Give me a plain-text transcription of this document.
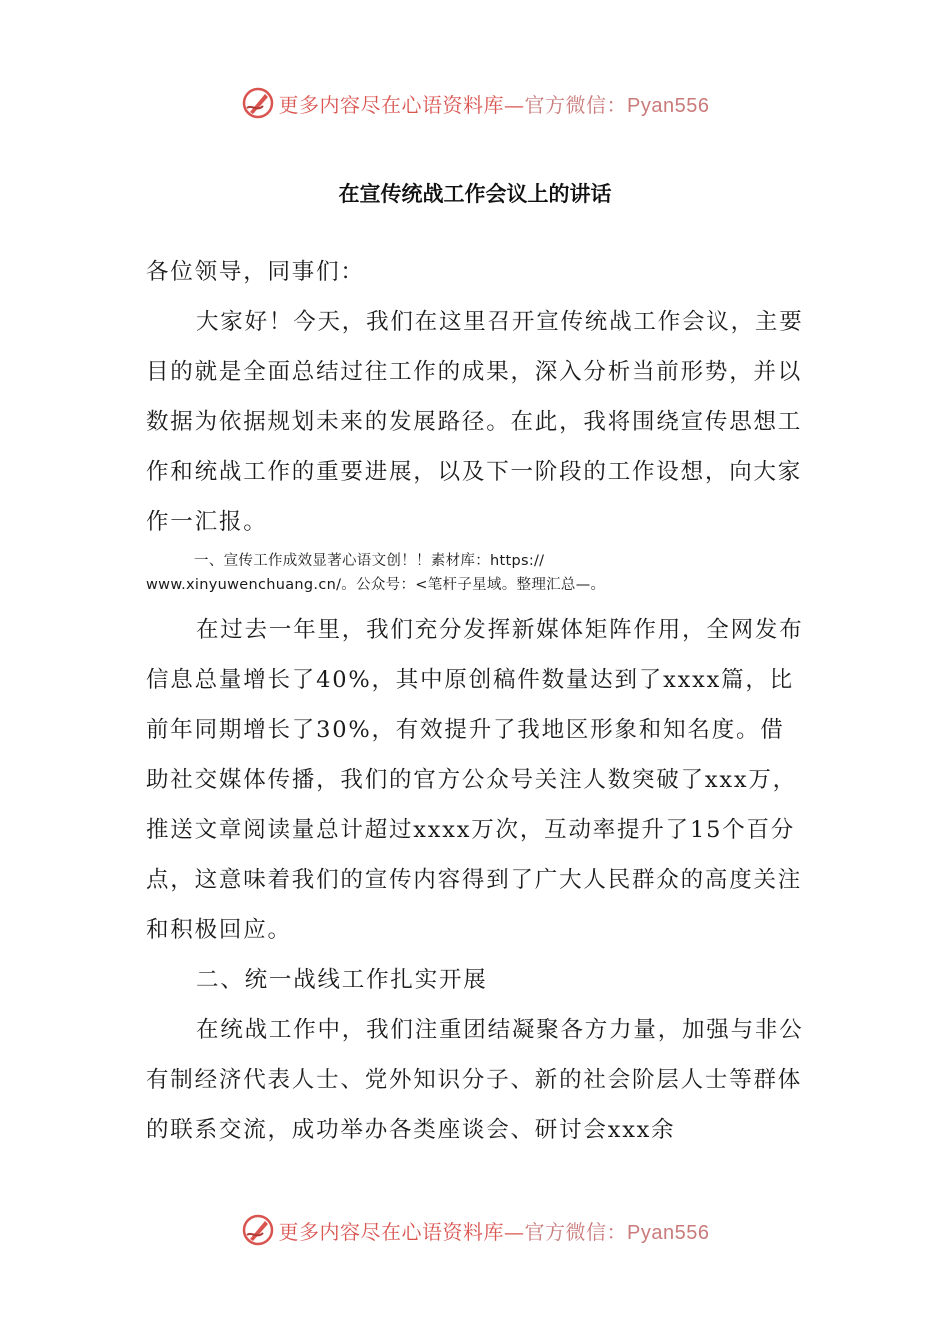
更多内容尽在心语资料库—官方微信：Pyan556
在宣传统战工作会议上的讲话

各位领导，同事们：

大家好！今天，我们在这里召开宣传统战工作会议，主要目的就是全面总结过往工作的成果，深入分析当前形势，并以数据为依据规划未来的发展路径。在此，我将围绕宣传思想工作和统战工作的重要进展，以及下一阶段的工作设想，向大家作一汇报。

一、宣传工作成效显著心语文创！！素材库：https://
www.xinyuwenchuang.cn/。公众号：<笔杆子星域。整理汇总—。

在过去一年里，我们充分发挥新媒体矩阵作用，全网发布信息总量增长了40%，其中原创稿件数量达到了xxxx篇，比前年同期增长了30%，有效提升了我地区形象和知名度。借助社交媒体传播，我们的官方公众号关注人数突破了xxx万，推送文章阅读量总计超过xxxx万次，互动率提升了15个百分点，这意味着我们的宣传内容得到了广大人民群众的高度关注和积极回应。

二、统一战线工作扎实开展

在统战工作中，我们注重团结凝聚各方力量，加强与非公有制经济代表人士、党外知识分子、新的社会阶层人士等群体的联系交流，成功举办各类座谈会、研讨会xxx余

更多内容尽在心语资料库—官方微信：Pyan556
